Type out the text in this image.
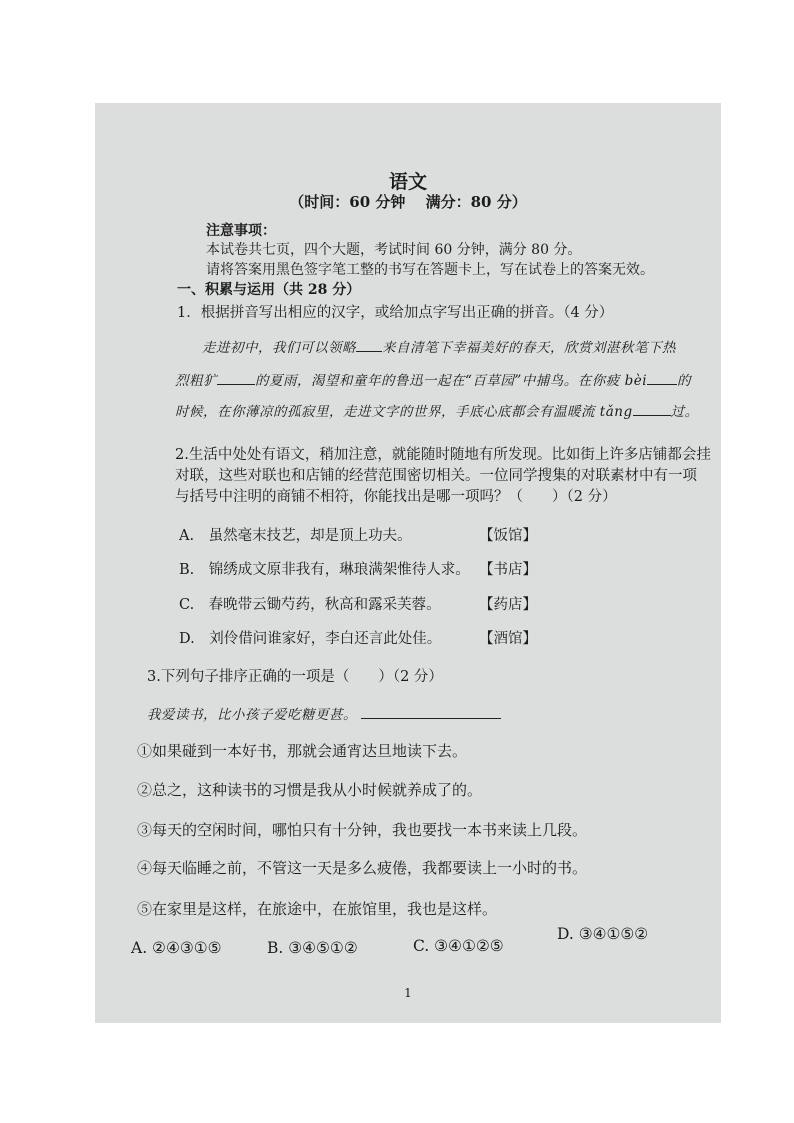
语文
（时间：60 分钟　 满分：80 分）
注意事项：
本试卷共七页，四个大题，考试时间 60 分钟，满分 80 分。
请将答案用黑色签字笔工整的书写在答题卡上，写在试卷上的答案无效。
一、积累与运用（共 28 分）
1．根据拼音写出相应的汉字，或给加点字写出正确的拼音。（4 分）
走进初中，我们可以领略 来自清笔下幸福美好的春天，欣赏刘湛秋笔下热
烈粗犷	的夏雨，渴望和童年的鲁迅一起在“百草园”中捕鸟。在你疲 bèi 的
时候，在你薄凉的孤寂里，走进文字的世界，手底心底都会有温暖流 tǎng	过。
2.生活中处处有语文，稍加注意，就能随时随地有所发现。比如街上许多店铺都会挂
对联，这些对联也和店铺的经营范围密切相关。一位同学搜集的对联素材中有一项
与括号中注明的商铺不相符，你能找出是哪一项吗？（　　）（2 分）
A.　虽然毫末技艺，却是顶上功夫。	【饭馆】
B.　锦绣成文原非我有，琳琅满架惟待人求。 【书店】
C.　春晚带云锄芍药，秋高和露采芙蓉。	【药店】
D.　刘伶借问谁家好，李白还言此处佳。	【酒馆】
3.下列句子排序正确的一项是（　　）（2 分）
我爱读书，比小孩子爱吃糖更甚。
①如果碰到一本好书，那就会通宵达旦地读下去。
②总之，这种读书的习惯是我从小时候就养成了的。
③每天的空闲时间，哪怕只有十分钟，我也要找一本书来读上几段。
④每天临睡之前，不管这一天是多么疲倦，我都要读上一小时的书。
⑤在家里是这样，在旅途中，在旅馆里，我也是这样。
A. ②④③①⑤	B. ③④⑤①②	C. ③④①②⑤
D. ③④①⑤②
1
